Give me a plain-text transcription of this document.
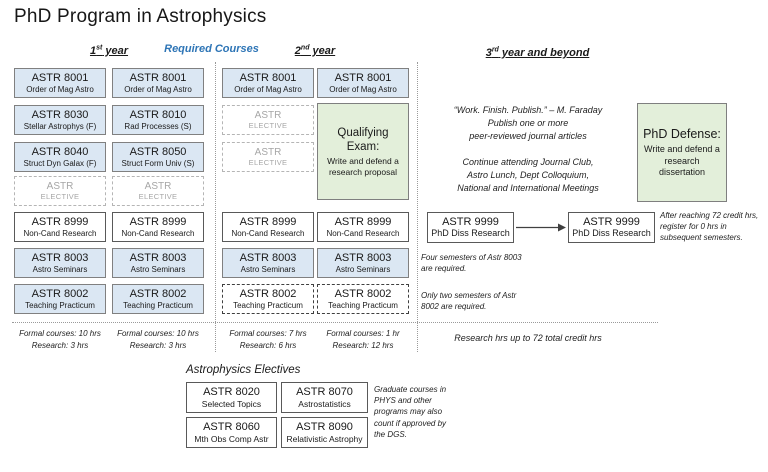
PhD Program in Astrophysics
1st year	Required Courses	2nd year	3rd year and beyond
ASTR 8001
Order of Mag Astro
ASTR 8030
Stellar Astrophys (F)
ASTR 8040
Struct Dyn Galax (F)
ASTR
ELECTIVE
ASTR 8999
Non-Cand Research
ASTR 8003
Astro Seminars
ASTR 8002
Teaching Practicum
Formal courses: 10 hrs
Research: 3 hrs
ASTR 8001
Order of Mag Astro
ASTR 8010
Rad Processes (S)
ASTR 8050
Struct Form Univ (S)
ASTR
ELECTIVE
ASTR 8999
Non-Cand Research
ASTR 8003
Astro Seminars
ASTR 8002
Teaching Practicum
Formal courses: 10 hrs
Research: 3 hrs
ASTR 8001
Order of Mag Astro
ASTR
ELECTIVE
ASTR
ELECTIVE
ASTR 8999
Non-Cand Research
ASTR 8003
Astro Seminars
ASTR 8002
Teaching Practicum
Formal courses: 7 hrs
Research: 6 hrs
ASTR 8001
Order of Mag Astro
Qualifying Exam:
Write and defend a research proposal
ASTR 8999
Non-Cand Research
ASTR 8003
Astro Seminars
ASTR 8002
Teaching Practicum
Formal courses: 1 hr
Research: 12 hrs
“Work. Finish. Publish.” – M. Faraday
Publish one or more
peer-reviewed journal articles
Continue attending Journal Club,
Astro Lunch, Dept Colloquium,
National and International Meetings
PhD Defense:
Write and defend a research dissertation
ASTR 9999
PhD Diss Research
ASTR 9999
PhD Diss Research
After reaching 72 credit hrs, register for 0 hrs in subsequent semesters.
Four semesters of Astr 8003 are required.
Only two semesters of Astr 8002 are required.
Research hrs up to 72 total credit hrs
Astrophysics Electives
ASTR 8020
Selected Topics
ASTR 8070
Astrostatistics
ASTR 8060
Mth Obs Comp Astr
ASTR 8090
Relativistic Astrophy
Graduate courses in PHYS and other programs may also count if approved by the DGS.
